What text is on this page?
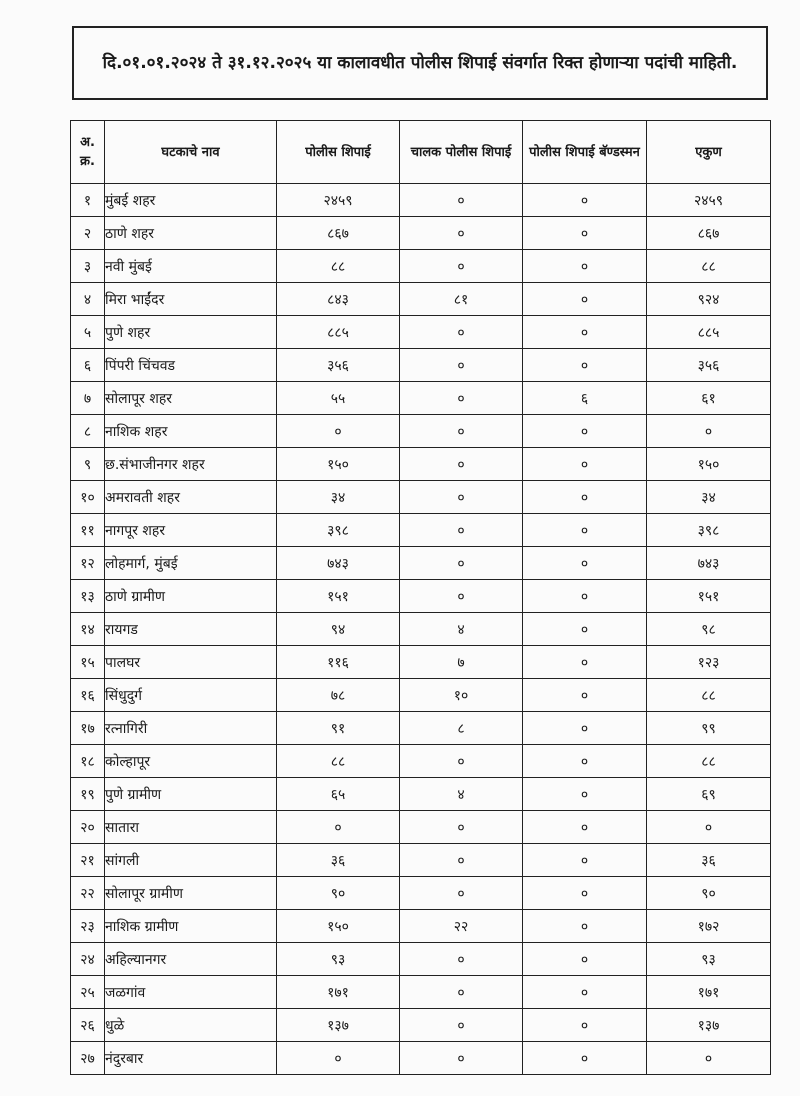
दि.०१.०१.२०२४ ते ३१.१२.२०२५ या कालावधीत पोलीस शिपाई संवर्गात रिक्त होणाऱ्या पदांची माहिती.
अ. क्र.	घटकाचे नाव	पोलीस शिपाई	चालक पोलीस शिपाई	पोलीस शिपाई बॅण्डस्मन	एकुण
१	मुंबई शहर	२४५९	०	०	२४५९
२	ठाणे शहर	८६७	०	०	८६७
३	नवी मुंबई	८८	०	०	८८
४	मिरा भाईंदर	८४३	८१	०	९२४
५	पुणे शहर	८८५	०	०	८८५
६	पिंपरी चिंचवड	३५६	०	०	३५६
७	सोलापूर शहर	५५	०	६	६१
८	नाशिक शहर	०	०	०	०
९	छ.संभाजीनगर शहर	१५०	०	०	१५०
१०	अमरावती शहर	३४	०	०	३४
११	नागपूर शहर	३९८	०	०	३९८
१२	लोहमार्ग, मुंबई	७४३	०	०	७४३
१३	ठाणे ग्रामीण	१५१	०	०	१५१
१४	रायगड	९४	४	०	९८
१५	पालघर	११६	७	०	१२३
१६	सिंधुदुर्ग	७८	१०	०	८८
१७	रत्नागिरी	९१	८	०	९९
१८	कोल्हापूर	८८	०	०	८८
१९	पुणे ग्रामीण	६५	४	०	६९
२०	सातारा	०	०	०	०
२१	सांगली	३६	०	०	३६
२२	सोलापूर ग्रामीण	९०	०	०	९०
२३	नाशिक ग्रामीण	१५०	२२	०	१७२
२४	अहिल्यानगर	९३	०	०	९३
२५	जळगांव	१७१	०	०	१७१
२६	धुळे	१३७	०	०	१३७
२७	नंदुरबार	०	०	०	०
